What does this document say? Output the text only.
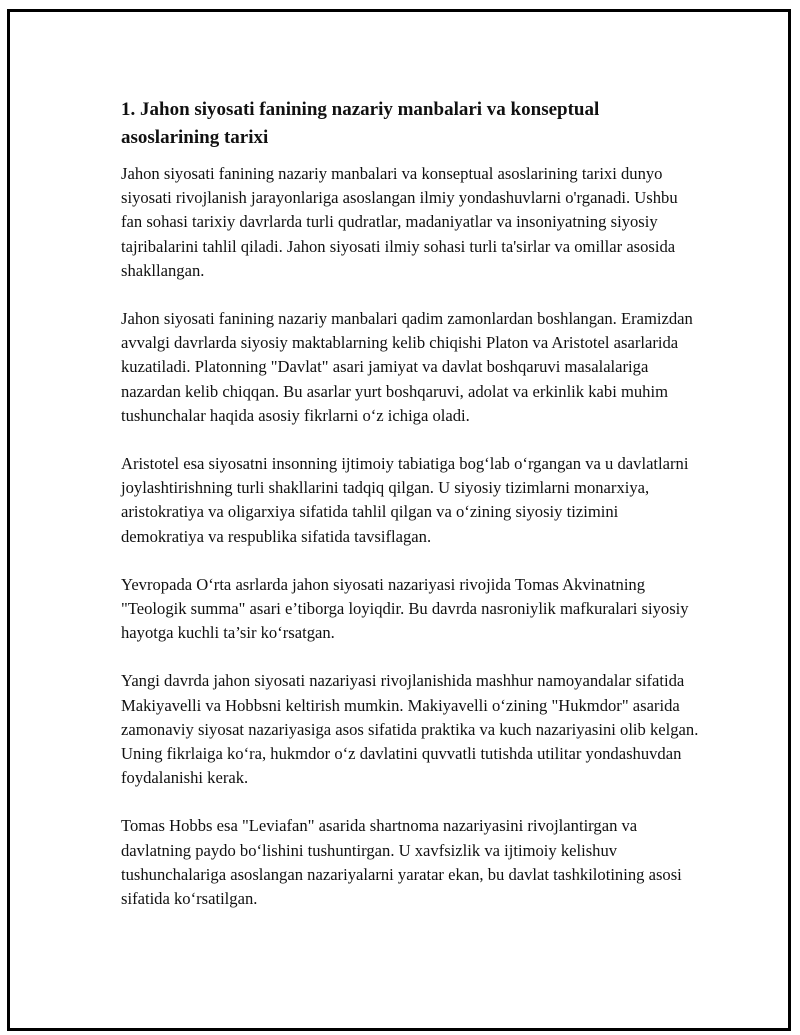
1. Jahon siyosati fanining nazariy manbalari va konseptual asoslarining tarixi

Jahon siyosati fanining nazariy manbalari va konseptual asoslarining tarixi dunyo siyosati rivojlanish jarayonlariga asoslangan ilmiy yondashuvlarni o'rganadi. Ushbu fan sohasi tarixiy davrlarda turli qudratlar, madaniyatlar va insoniyatning siyosiy tajribalarini tahlil qiladi. Jahon siyosati ilmiy sohasi turli ta'sirlar va omillar asosida shakllangan.

Jahon siyosati fanining nazariy manbalari qadim zamonlardan boshlangan. Eramizdan avvalgi davrlarda siyosiy maktablarning kelib chiqishi Platon va Aristotel asarlarida kuzatiladi. Platonning "Davlat" asari jamiyat va davlat boshqaruvi masalalariga nazardan kelib chiqqan. Bu asarlar yurt boshqaruvi, adolat va erkinlik kabi muhim tushunchalar haqida asosiy fikrlarni o‘z ichiga oladi.

Aristotel esa siyosatni insonning ijtimoiy tabiatiga bog‘lab o‘rgangan va u davlatlarni joylashtirishning turli shakllarini tadqiq qilgan. U siyosiy tizimlarni monarxiya, aristokratiya va oligarxiya sifatida tahlil qilgan va o‘zining siyosiy tizimini demokratiya va respublika sifatida tavsiflagan.

Yevropada O‘rta asrlarda jahon siyosati nazariyasi rivojida Tomas Akvinatning "Teologik summa" asari e’tiborga loyiqdir. Bu davrda nasroniylik mafkuralari siyosiy hayotga kuchli ta’sir ko‘rsatgan.

Yangi davrda jahon siyosati nazariyasi rivojlanishida mashhur namoyandalar sifatida Makiyavelli va Hobbsni keltirish mumkin. Makiyavelli o‘zining "Hukmdor" asarida zamonaviy siyosat nazariyasiga asos sifatida praktika va kuch nazariyasini olib kelgan. Uning fikrlaiga ko‘ra, hukmdor o‘z davlatini quvvatli tutishda utilitar yondashuvdan foydalanishi kerak.

Tomas Hobbs esa "Leviafan" asarida shartnoma nazariyasini rivojlantirgan va davlatning paydo bo‘lishini tushuntirgan. U xavfsizlik va ijtimoiy kelishuv tushunchalariga asoslangan nazariyalarni yaratar ekan, bu davlat tashkilotining asosi sifatida ko‘rsatilgan.
